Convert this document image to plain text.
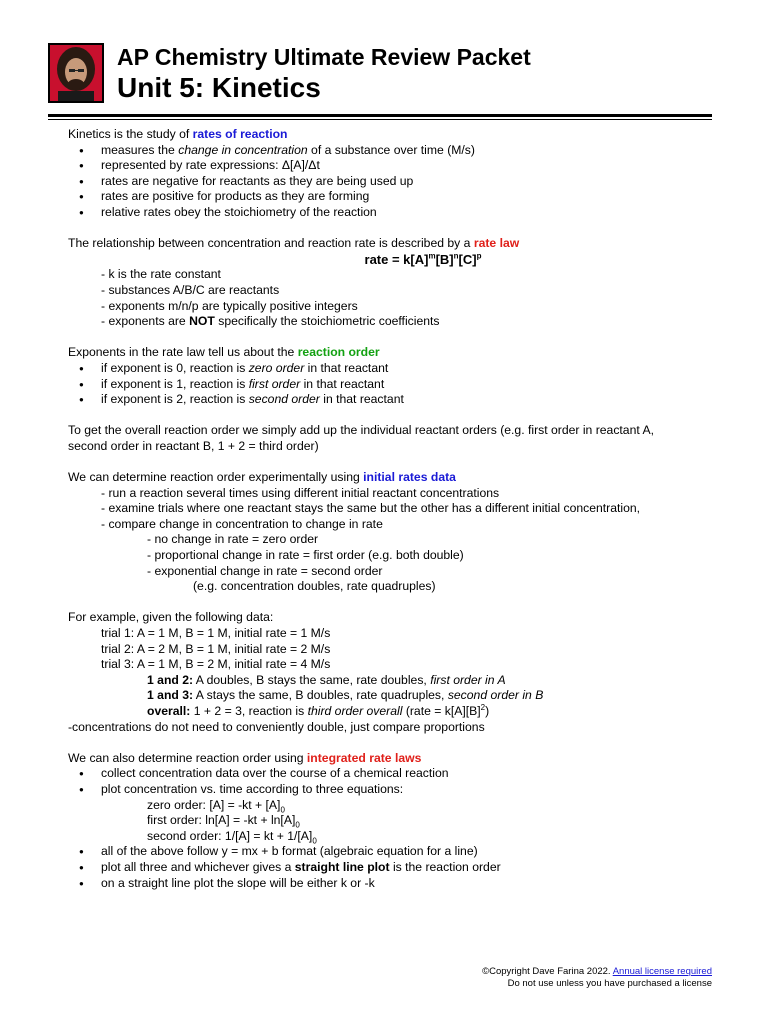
AP Chemistry Ultimate Review Packet
Unit 5: Kinetics
Kinetics is the study of rates of reaction
● measures the change in concentration of a substance over time (M/s)
● represented by rate expressions: Δ[A]/Δt
● rates are negative for reactants as they are being used up
● rates are positive for products as they are forming
● relative rates obey the stoichiometry of the reaction
The relationship between concentration and reaction rate is described by a rate law
rate = $k[A]^m[B]^n[C]^p$
- k is the rate constant
- substances A/B/C are reactants
- exponents m/n/p are typically positive integers
- exponents are NOT specifically the stoichiometric coefficients
Exponents in the rate law tell us about the reaction order
● if exponent is 0, reaction is zero order in that reactant
● if exponent is 1, reaction is first order in that reactant
● if exponent is 2, reaction is second order in that reactant
To get the overall reaction order we simply add up the individual reactant orders (e.g. first order in reactant A,
second order in reactant B, 1 + 2 = third order)
We can determine reaction order experimentally using initial rates data
- run a reaction several times using different initial reactant concentrations
- examine trials where one reactant stays the same but the other has a different initial concentration,
- compare change in concentration to change in rate
- no change in rate = zero order
- proportional change in rate = first order (e.g. both double)
- exponential change in rate = second order
(e.g. concentration doubles, rate quadruples)
For example, given the following data:
trial 1: A = 1 M, B = 1 M, initial rate = 1 M/s
trial 2: A = 2 M, B = 1 M, initial rate = 2 M/s
trial 3: A = 1 M, B = 2 M, initial rate = 4 M/s
1 and 2: A doubles, B stays the same, rate doubles, first order in A
1 and 3: A stays the same, B doubles, rate quadruples, second order in B
overall: 1 + 2 = 3, reaction is third order overall (rate = $k[A][B]^2$)
-concentrations do not need to conveniently double, just compare proportions
We can also determine reaction order using integrated rate laws
● collect concentration data over the course of a chemical reaction
● plot concentration vs. time according to three equations:
zero order: $[A] = -kt + [A]_0$
first order: $\ln[A] = -kt + \ln[A]_0$
second order: 1/[A] = kt + $1/[A]_0$
● all of the above follow y = mx + b format (algebraic equation for a line)
● plot all three and whichever gives a straight line plot is the reaction order
● on a straight line plot the slope will be either k or -k
©Copyright Dave Farina 2022. Annual license required
Do not use unless you have purchased a license
